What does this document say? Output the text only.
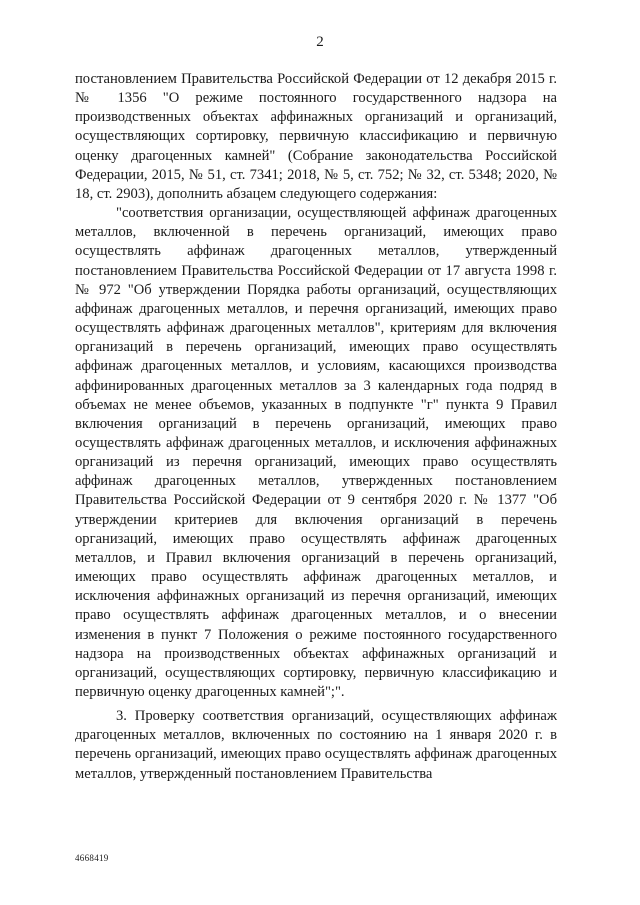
2

постановлением Правительства Российской Федерации от 12 декабря 2015 г. № 1356 "О режиме постоянного государственного надзора на производственных объектах аффинажных организаций и организаций, осуществляющих сортировку, первичную классификацию и первичную оценку драгоценных камней" (Собрание законодательства Российской Федерации, 2015, № 51, ст. 7341; 2018, № 5, ст. 752; № 32, ст. 5348; 2020, № 18, ст. 2903), дополнить абзацем следующего содержания:

"соответствия организации, осуществляющей аффинаж драгоценных металлов, включенной в перечень организаций, имеющих право осуществлять аффинаж драгоценных металлов, утвержденный постановлением Правительства Российской Федерации от 17 августа 1998 г. № 972 "Об утверждении Порядка работы организаций, осуществляющих аффинаж драгоценных металлов, и перечня организаций, имеющих право осуществлять аффинаж драгоценных металлов", критериям для включения организаций в перечень организаций, имеющих право осуществлять аффинаж драгоценных металлов, и условиям, касающихся производства аффинированных драгоценных металлов за 3 календарных года подряд в объемах не менее объемов, указанных в подпункте "г" пункта 9 Правил включения организаций в перечень организаций, имеющих право осуществлять аффинаж драгоценных металлов, и исключения аффинажных организаций из перечня организаций, имеющих право осуществлять аффинаж драгоценных металлов, утвержденных постановлением Правительства Российской Федерации от 9 сентября 2020 г. № 1377 "Об утверждении критериев для включения организаций в перечень организаций, имеющих право осуществлять аффинаж драгоценных металлов, и Правил включения организаций в перечень организаций, имеющих право осуществлять аффинаж драгоценных металлов, и исключения аффинажных организаций из перечня организаций, имеющих право осуществлять аффинаж драгоценных металлов, и о внесении изменения в пункт 7 Положения о режиме постоянного государственного надзора на производственных объектах аффинажных организаций и организаций, осуществляющих сортировку, первичную классификацию и первичную оценку драгоценных камней";".

3. Проверку соответствия организаций, осуществляющих аффинаж драгоценных металлов, включенных по состоянию на 1 января 2020 г. в перечень организаций, имеющих право осуществлять аффинаж драгоценных металлов, утвержденный постановлением Правительства

4668419
